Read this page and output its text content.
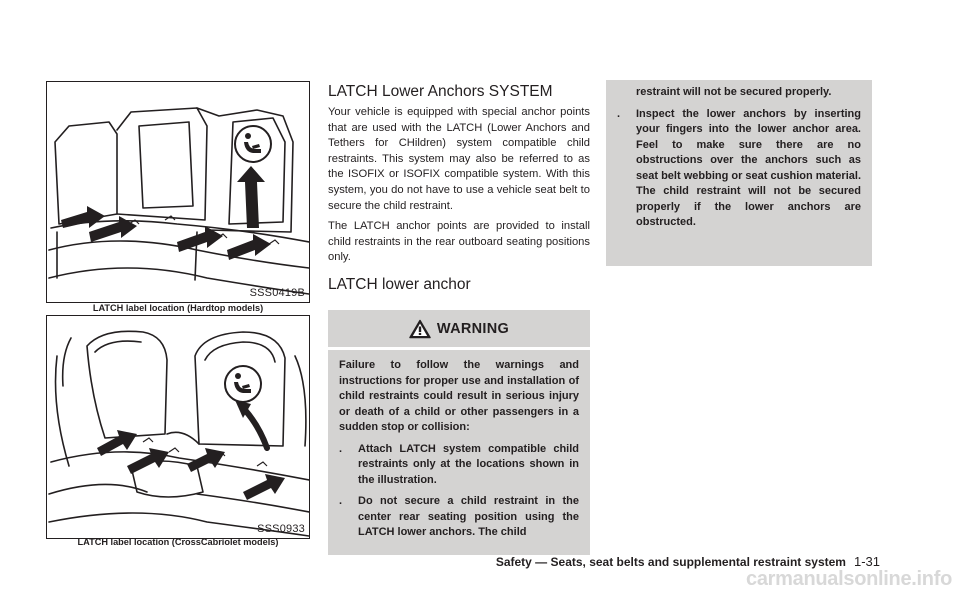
SSS0419B
LATCH label location (Hardtop models)
SSS0933
LATCH label location (CrossCabriolet models)
LATCH Lower Anchors SYSTEM

Your vehicle is equipped with special anchor points that are used with the LATCH (Lower Anchors and Tethers for CHildren) system compatible child restraints. This system may also be referred to as the ISOFIX or ISOFIX compatible system. With this system, you do not have to use a vehicle seat belt to secure the child restraint.

The LATCH anchor points are provided to install child restraints in the rear outboard seating positions only.

LATCH lower anchor
WARNING

Failure to follow the warnings and instructions for proper use and installation of child restraints could result in serious injury or death of a child or other passengers in a sudden stop or collision:

.	Attach LATCH system compatible child restraints only at the locations shown in the illustration.
.	Do not secure a child restraint in the center rear seating position using the LATCH lower anchors. The child
restraint will not be secured properly.
.	Inspect the lower anchors by inserting your fingers into the lower anchor area. Feel to make sure there are no obstructions over the anchors such as seat belt webbing or seat cushion material. The child restraint will not be secured properly if the lower anchors are obstructed.
Safety — Seats, seat belts and supplemental restraint system 1-31
carmanualsonline.info
